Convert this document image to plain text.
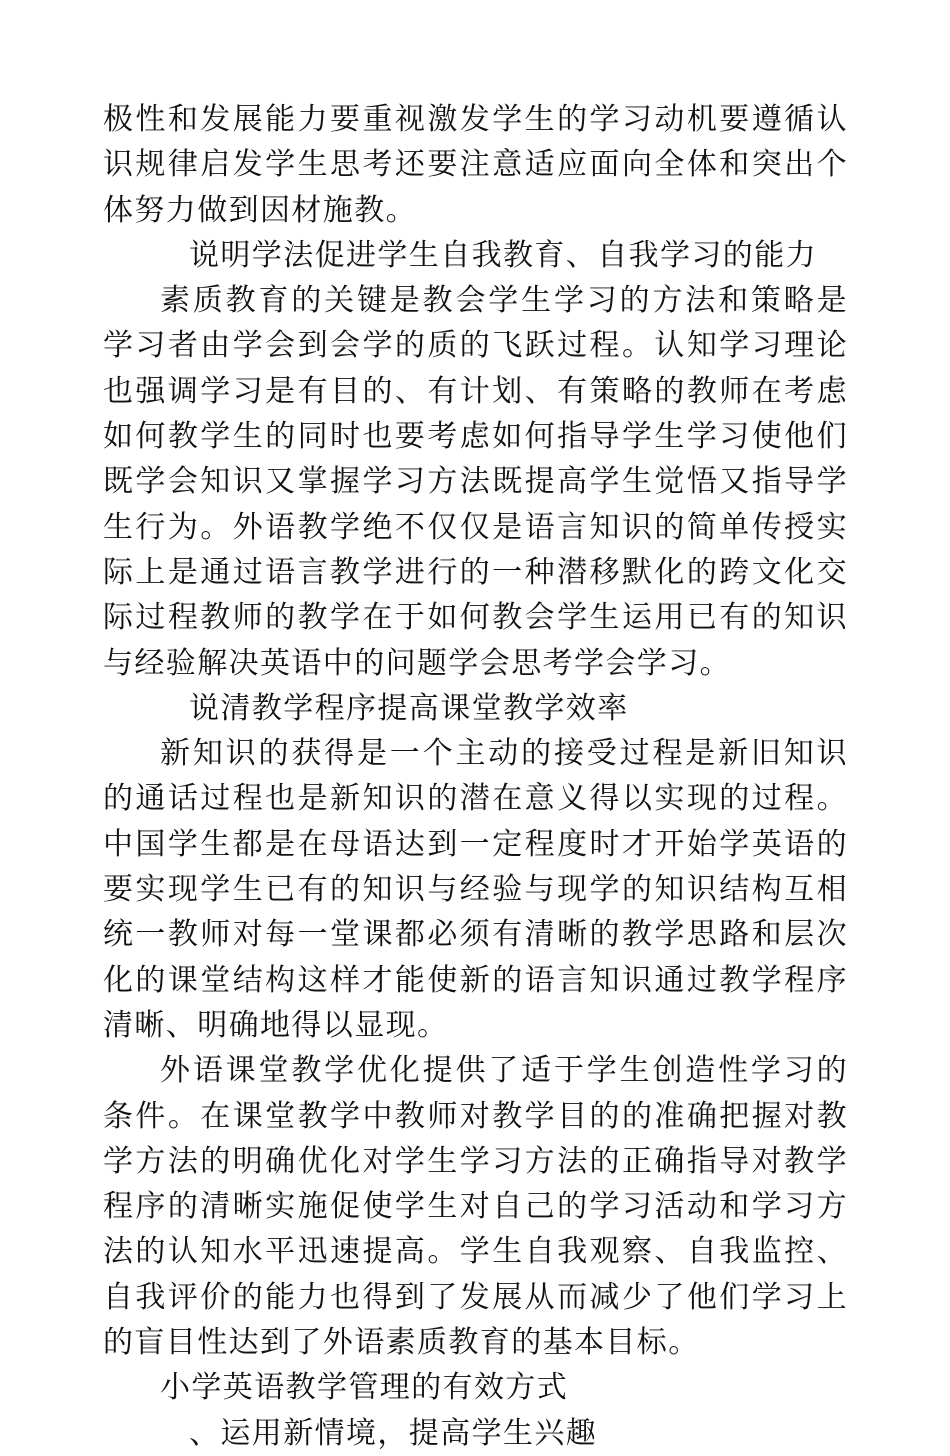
极性和发展能力要重视激发学生的学习动机要遵循认识规律启发学生思考还要注意适应面向全体和突出个体努力做到因材施教。

说明学法促进学生自我教育、自我学习的能力

素质教育的关键是教会学生学习的方法和策略是学习者由学会到会学的质的飞跃过程。认知学习理论也强调学习是有目的、有计划、有策略的教师在考虑如何教学生的同时也要考虑如何指导学生学习使他们既学会知识又掌握学习方法既提高学生觉悟又指导学生行为。外语教学绝不仅仅是语言知识的简单传授实际上是通过语言教学进行的一种潜移默化的跨文化交际过程教师的教学在于如何教会学生运用已有的知识与经验解决英语中的问题学会思考学会学习。

说清教学程序提高课堂教学效率

新知识的获得是一个主动的接受过程是新旧知识的通话过程也是新知识的潜在意义得以实现的过程。中国学生都是在母语达到一定程度时才开始学英语的要实现学生已有的知识与经验与现学的知识结构互相统一教师对每一堂课都必须有清晰的教学思路和层次化的课堂结构这样才能使新的语言知识通过教学程序清晰、明确地得以显现。

外语课堂教学优化提供了适于学生创造性学习的条件。在课堂教学中教师对教学目的的准确把握对教学方法的明确优化对学生学习方法的正确指导对教学程序的清晰实施促使学生对自己的学习活动和学习方法的认知水平迅速提高。学生自我观察、自我监控、自我评价的能力也得到了发展从而减少了他们学习上的盲目性达到了外语素质教育的基本目标。

小学英语教学管理的有效方式

、运用新情境，提高学生兴趣
